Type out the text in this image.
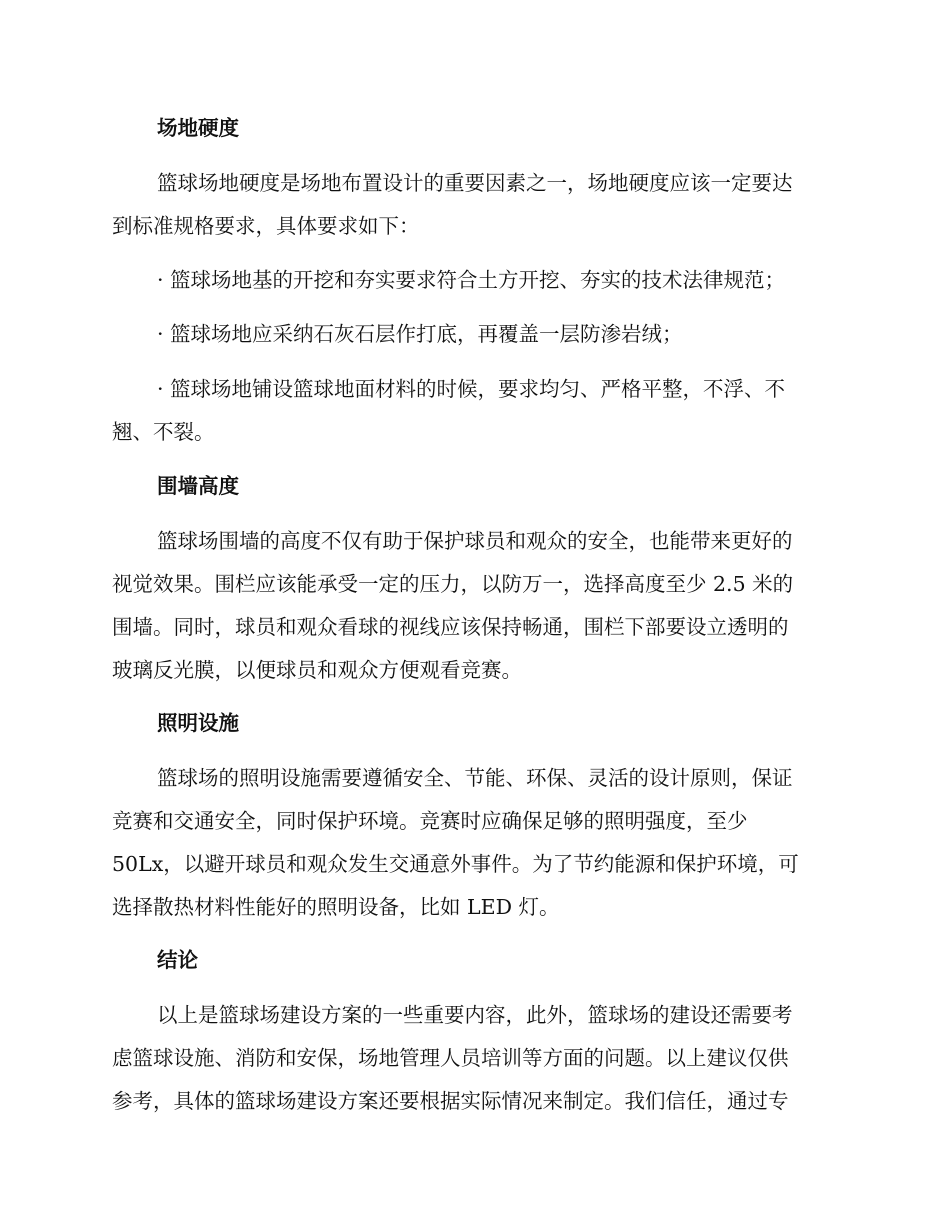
场地硬度
篮球场地硬度是场地布置设计的重要因素之一，场地硬度应该一定要达
到标准规格要求，具体要求如下：
· 篮球场地基的开挖和夯实要求符合土方开挖、夯实的技术法律规范；
· 篮球场地应采纳石灰石层作打底，再覆盖一层防渗岩绒；
· 篮球场地铺设篮球地面材料的时候，要求均匀、严格平整，不浮、不
翘、不裂。
围墙高度
篮球场围墙的高度不仅有助于保护球员和观众的安全，也能带来更好的
视觉效果。围栏应该能承受一定的压力，以防万一，选择高度至少 2.5 米的
围墙。同时，球员和观众看球的视线应该保持畅通，围栏下部要设立透明的
玻璃反光膜，以便球员和观众方便观看竞赛。
照明设施
篮球场的照明设施需要遵循安全、节能、环保、灵活的设计原则，保证
竞赛和交通安全，同时保护环境。竞赛时应确保足够的照明强度，至少
50Lx，以避开球员和观众发生交通意外事件。为了节约能源和保护环境，可
选择散热材料性能好的照明设备，比如 LED 灯。
结论
以上是篮球场建设方案的一些重要内容，此外，篮球场的建设还需要考
虑篮球设施、消防和安保，场地管理人员培训等方面的问题。以上建议仅供
参考，具体的篮球场建设方案还要根据实际情况来制定。我们信任，通过专
